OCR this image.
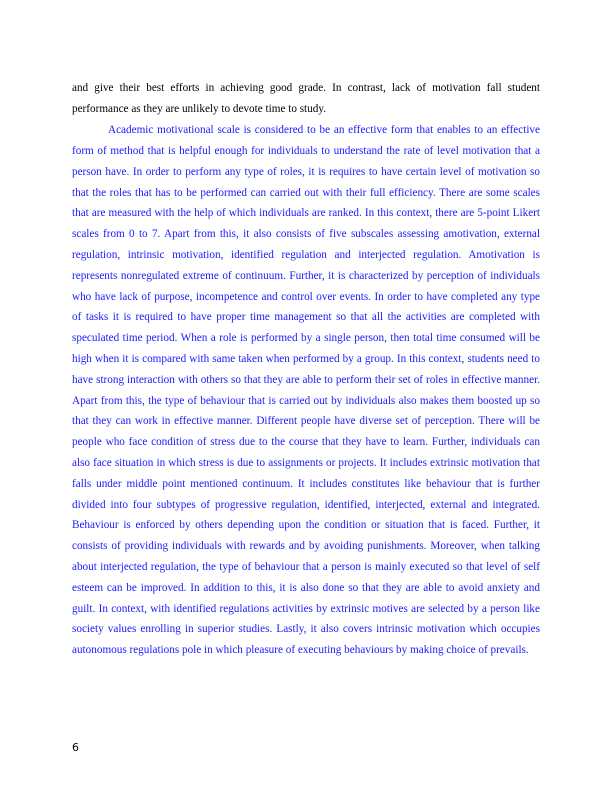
and give their best efforts in achieving good grade. In contrast, lack of motivation fall student performance as they are unlikely to devote time to study.

Academic motivational scale is considered to be an effective form that enables to an effective form of method that is helpful enough for individuals to understand the rate of level motivation that a person have. In order to perform any type of roles, it is requires to have certain level of motivation so that the roles that has to be performed can carried out with their full efficiency. There are some scales that are measured with the help of which individuals are ranked. In this context, there are 5-point Likert scales from 0 to 7. Apart from this, it also consists of five subscales assessing amotivation, external regulation, intrinsic motivation, identified regulation and interjected regulation. Amotivation is represents nonregulated extreme of continuum. Further, it is characterized by perception of individuals who have lack of purpose, incompetence and control over events. In order to have completed any type of tasks it is required to have proper time management so that all the activities are completed with speculated time period. When a role is performed by a single person, then total time consumed will be high when it is compared with same taken when performed by a group. In this context, students need to have strong interaction with others so that they are able to perform their set of roles in effective manner. Apart from this, the type of behaviour that is carried out by individuals also makes them boosted up so that they can work in effective manner. Different people have diverse set of perception. There will be people who face condition of stress due to the course that they have to learn. Further, individuals can also face situation in which stress is due to assignments or projects. It includes extrinsic motivation that falls under middle point mentioned continuum. It includes constitutes like behaviour that is further divided into four subtypes of progressive regulation, identified, interjected, external and integrated. Behaviour is enforced by others depending upon the condition or situation that is faced. Further, it consists of providing individuals with rewards and by avoiding punishments. Moreover, when talking about interjected regulation, the type of behaviour that a person is mainly executed so that level of self esteem can be improved. In addition to this, it is also done so that they are able to avoid anxiety and guilt. In context, with identified regulations activities by extrinsic motives are selected by a person like society values enrolling in superior studies. Lastly, it also covers intrinsic motivation which occupies autonomous regulations pole in which pleasure of executing behaviours by making choice of prevails.

6
